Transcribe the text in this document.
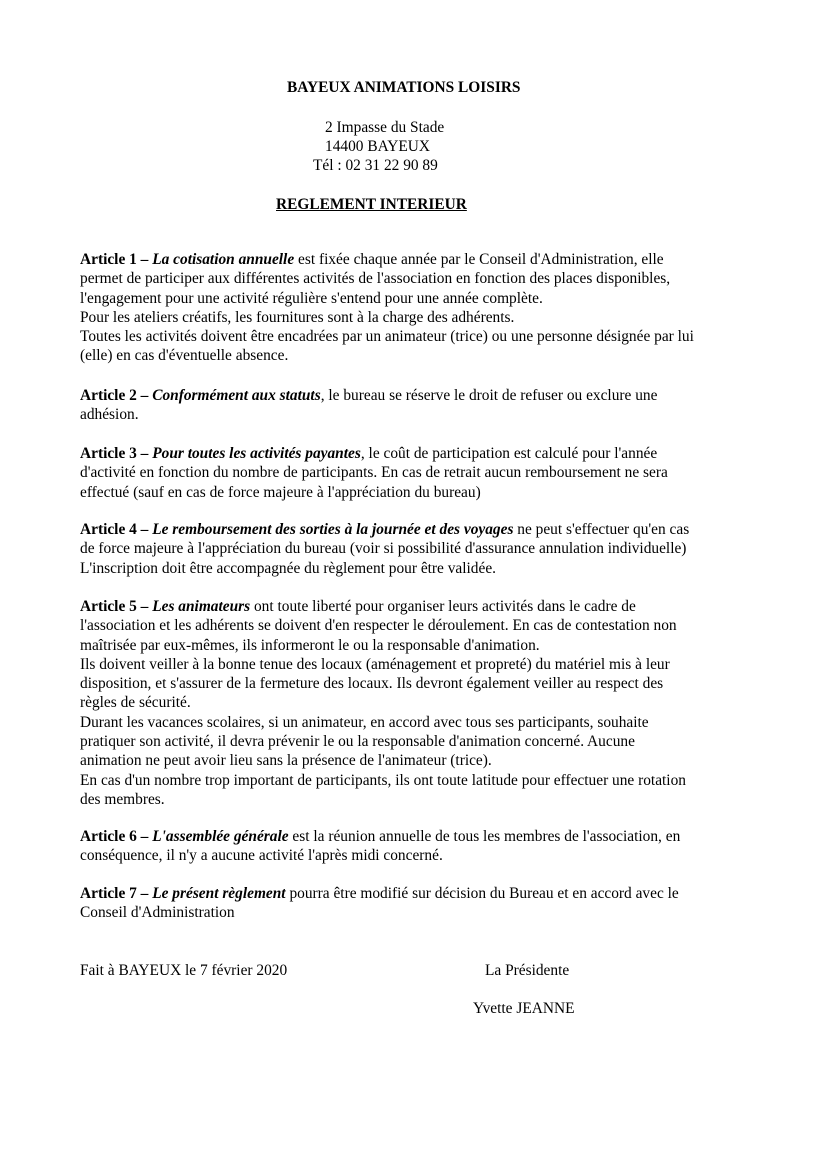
BAYEUX ANIMATIONS LOISIRS
2 Impasse du Stade
14400 BAYEUX
Tél : 02 31 22 90 89
REGLEMENT INTERIEUR

Article 1 – La cotisation annuelle est fixée chaque année par le Conseil d'Administration, elle

permet de participer aux différentes activités de l'association en fonction des places disponibles,

l'engagement pour une activité régulière s'entend pour une année complète.

Pour les ateliers créatifs, les fournitures sont à la charge des adhérents.

Toutes les activités doivent être encadrées par un animateur (trice) ou une personne désignée par lui

(elle) en cas d'éventuelle absence.

Article 2 – Conformément aux statuts, le bureau se réserve le droit de refuser ou exclure une

adhésion.

Article 3 – Pour toutes les activités payantes, le coût de participation est calculé pour l'année

d'activité en fonction du nombre de participants. En cas de retrait aucun remboursement ne sera

effectué (sauf en cas de force majeure à l'appréciation du bureau)

Article 4 – Le remboursement des sorties à la journée et des voyages ne peut s'effectuer qu'en cas

de force majeure à l'appréciation du bureau (voir si possibilité d'assurance annulation individuelle)

L'inscription doit être accompagnée du règlement pour être validée.

Article 5 – Les animateurs ont toute liberté pour organiser leurs activités dans le cadre de

l'association et les adhérents se doivent d'en respecter le déroulement. En cas de contestation non

maîtrisée par eux-mêmes, ils informeront le ou la responsable d'animation.

Ils doivent veiller à la bonne tenue des locaux (aménagement et propreté) du matériel mis à leur

disposition, et s'assurer de la fermeture des locaux. Ils devront également veiller au respect des

règles de sécurité.

Durant les vacances scolaires, si un animateur, en accord avec tous ses participants, souhaite

pratiquer son activité, il devra prévenir le ou la responsable d'animation concerné. Aucune

animation ne peut avoir lieu sans la présence de l'animateur (trice).

En cas d'un nombre trop important de participants, ils ont toute latitude pour effectuer une rotation

des membres.

Article 6 – L'assemblée générale est la réunion annuelle de tous les membres de l'association, en

conséquence, il n'y a aucune activité l'après midi concerné.

Article 7 – Le présent règlement pourra être modifié sur décision du Bureau et en accord avec le

Conseil d'Administration

Fait à BAYEUX le 7 février 2020	La Présidente
Yvette JEANNE
